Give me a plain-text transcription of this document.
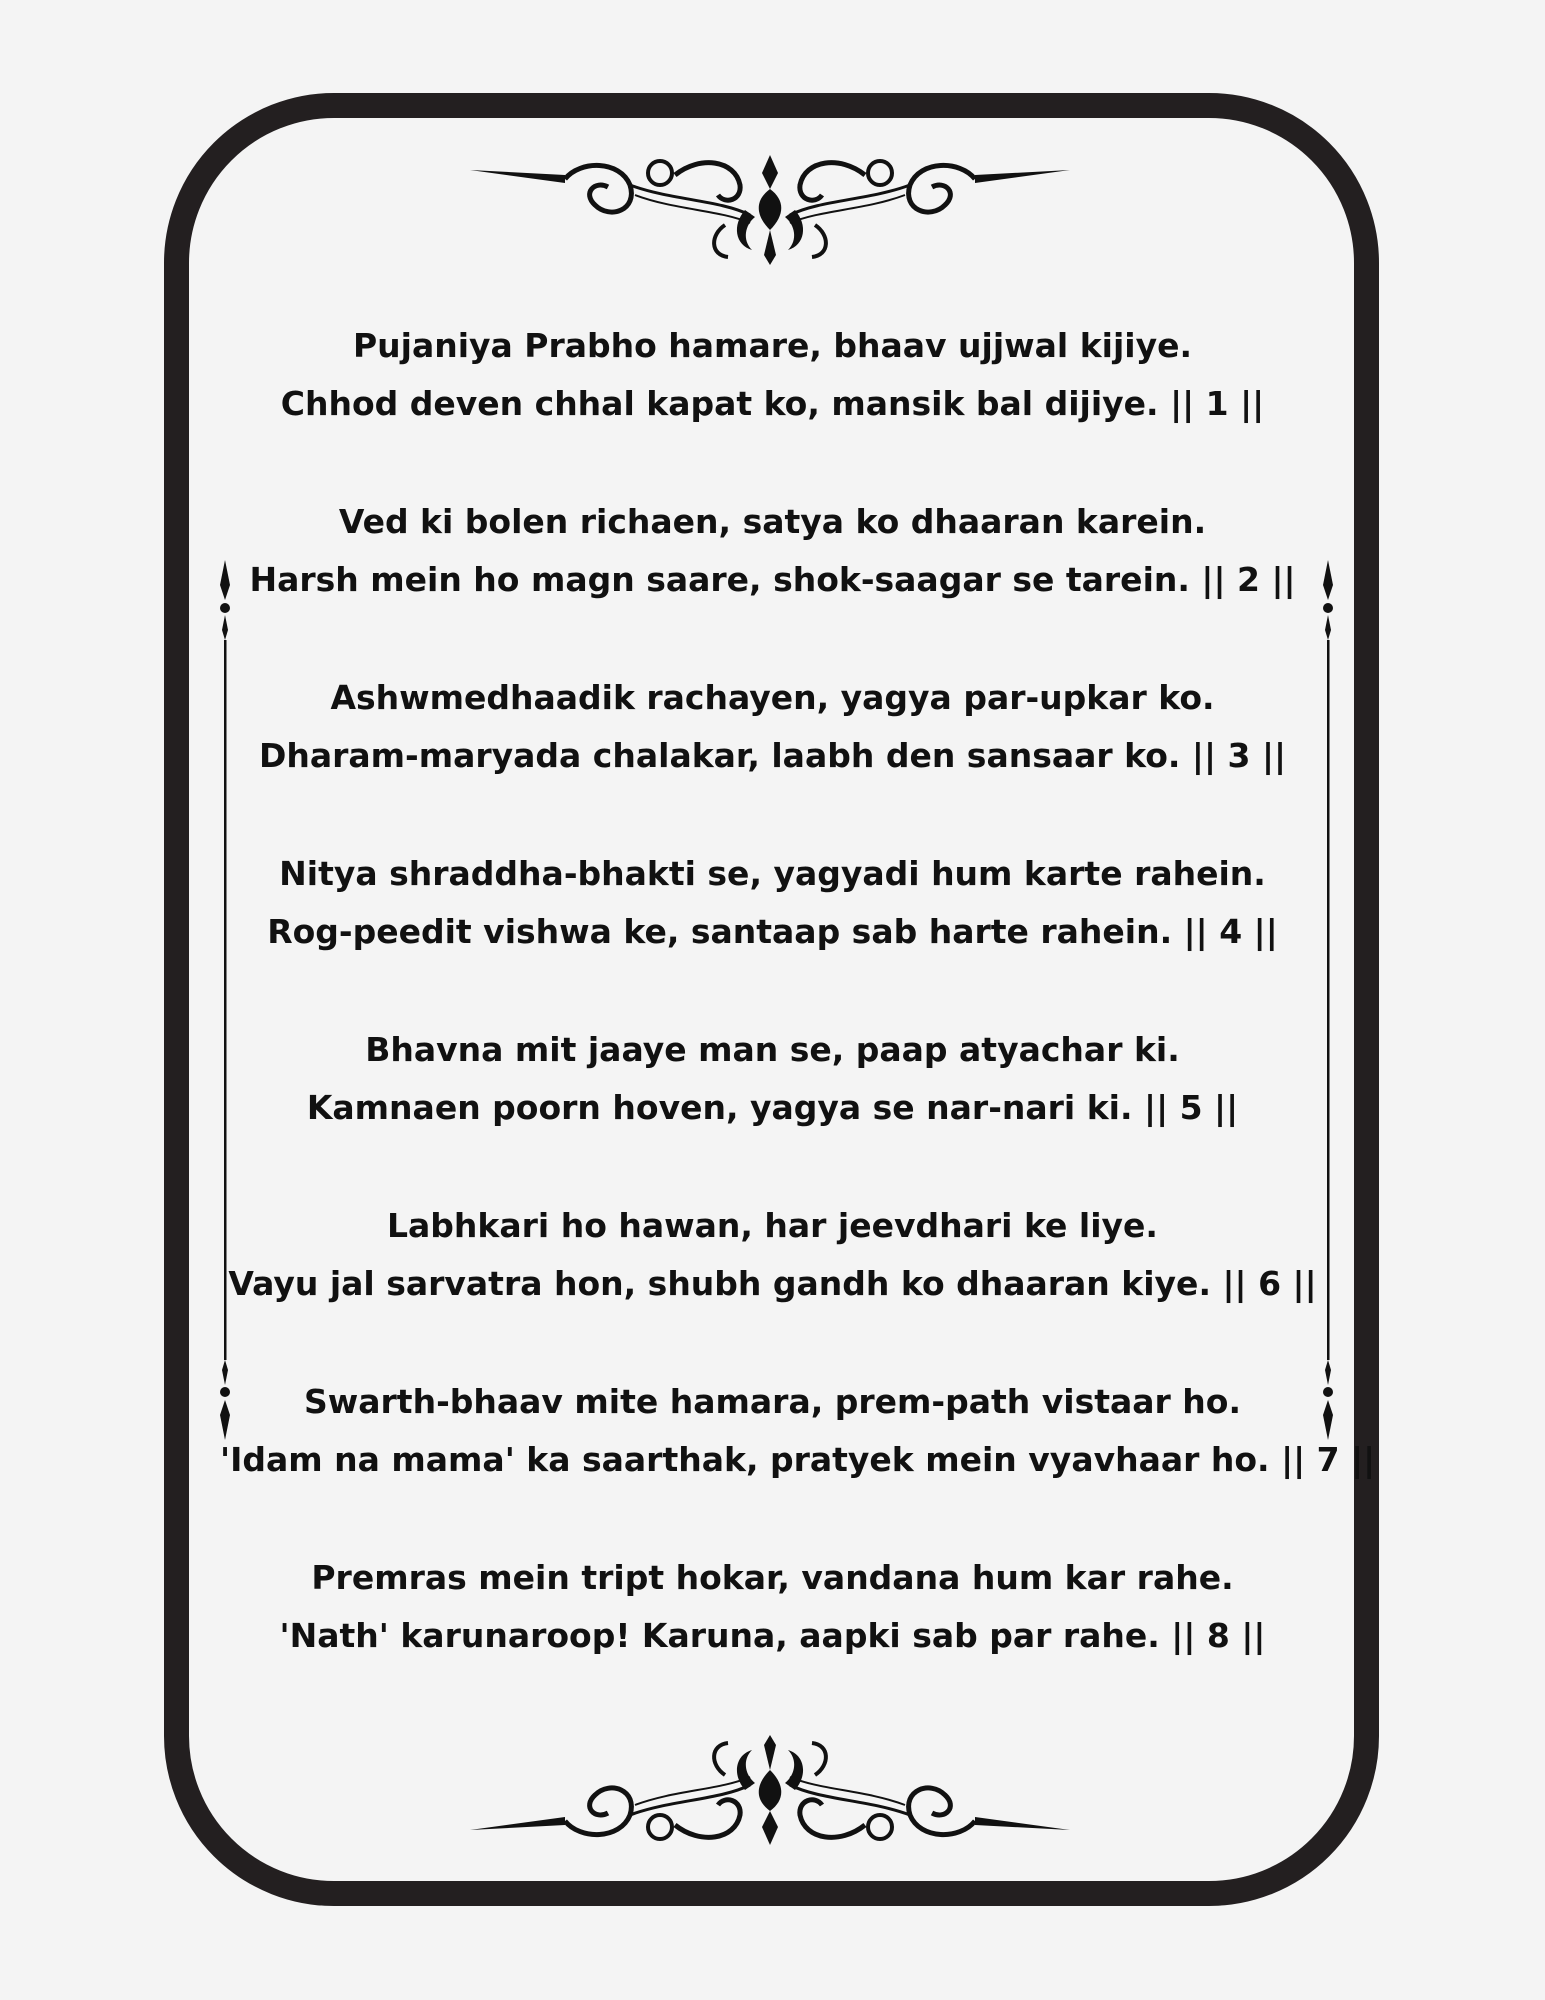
Pujaniya Prabho hamare, bhaav ujjwal kijiye.
Chhod deven chhal kapat ko, mansik bal dijiye. || 1 ||

Ved ki bolen richaen, satya ko dhaaran karein.
Harsh mein ho magn saare, shok-saagar se tarein. || 2 ||

Ashwmedhaadik rachayen, yagya par-upkar ko.
Dharam-maryada chalakar, laabh den sansaar ko. || 3 ||

Nitya shraddha-bhakti se, yagyadi hum karte rahein.
Rog-peedit vishwa ke, santaap sab harte rahein. || 4 ||

Bhavna mit jaaye man se, paap atyachar ki.
Kamnaen poorn hoven, yagya se nar-nari ki. || 5 ||

Labhkari ho hawan, har jeevdhari ke liye.
Vayu jal sarvatra hon, shubh gandh ko dhaaran kiye. || 6 ||

Swarth-bhaav mite hamara, prem-path vistaar ho.
'Idam na mama' ka saarthak, pratyek mein vyavhaar ho. || 7 ||

Premras mein tript hokar, vandana hum kar rahe.
'Nath' karunaroop! Karuna, aapki sab par rahe. || 8 ||
